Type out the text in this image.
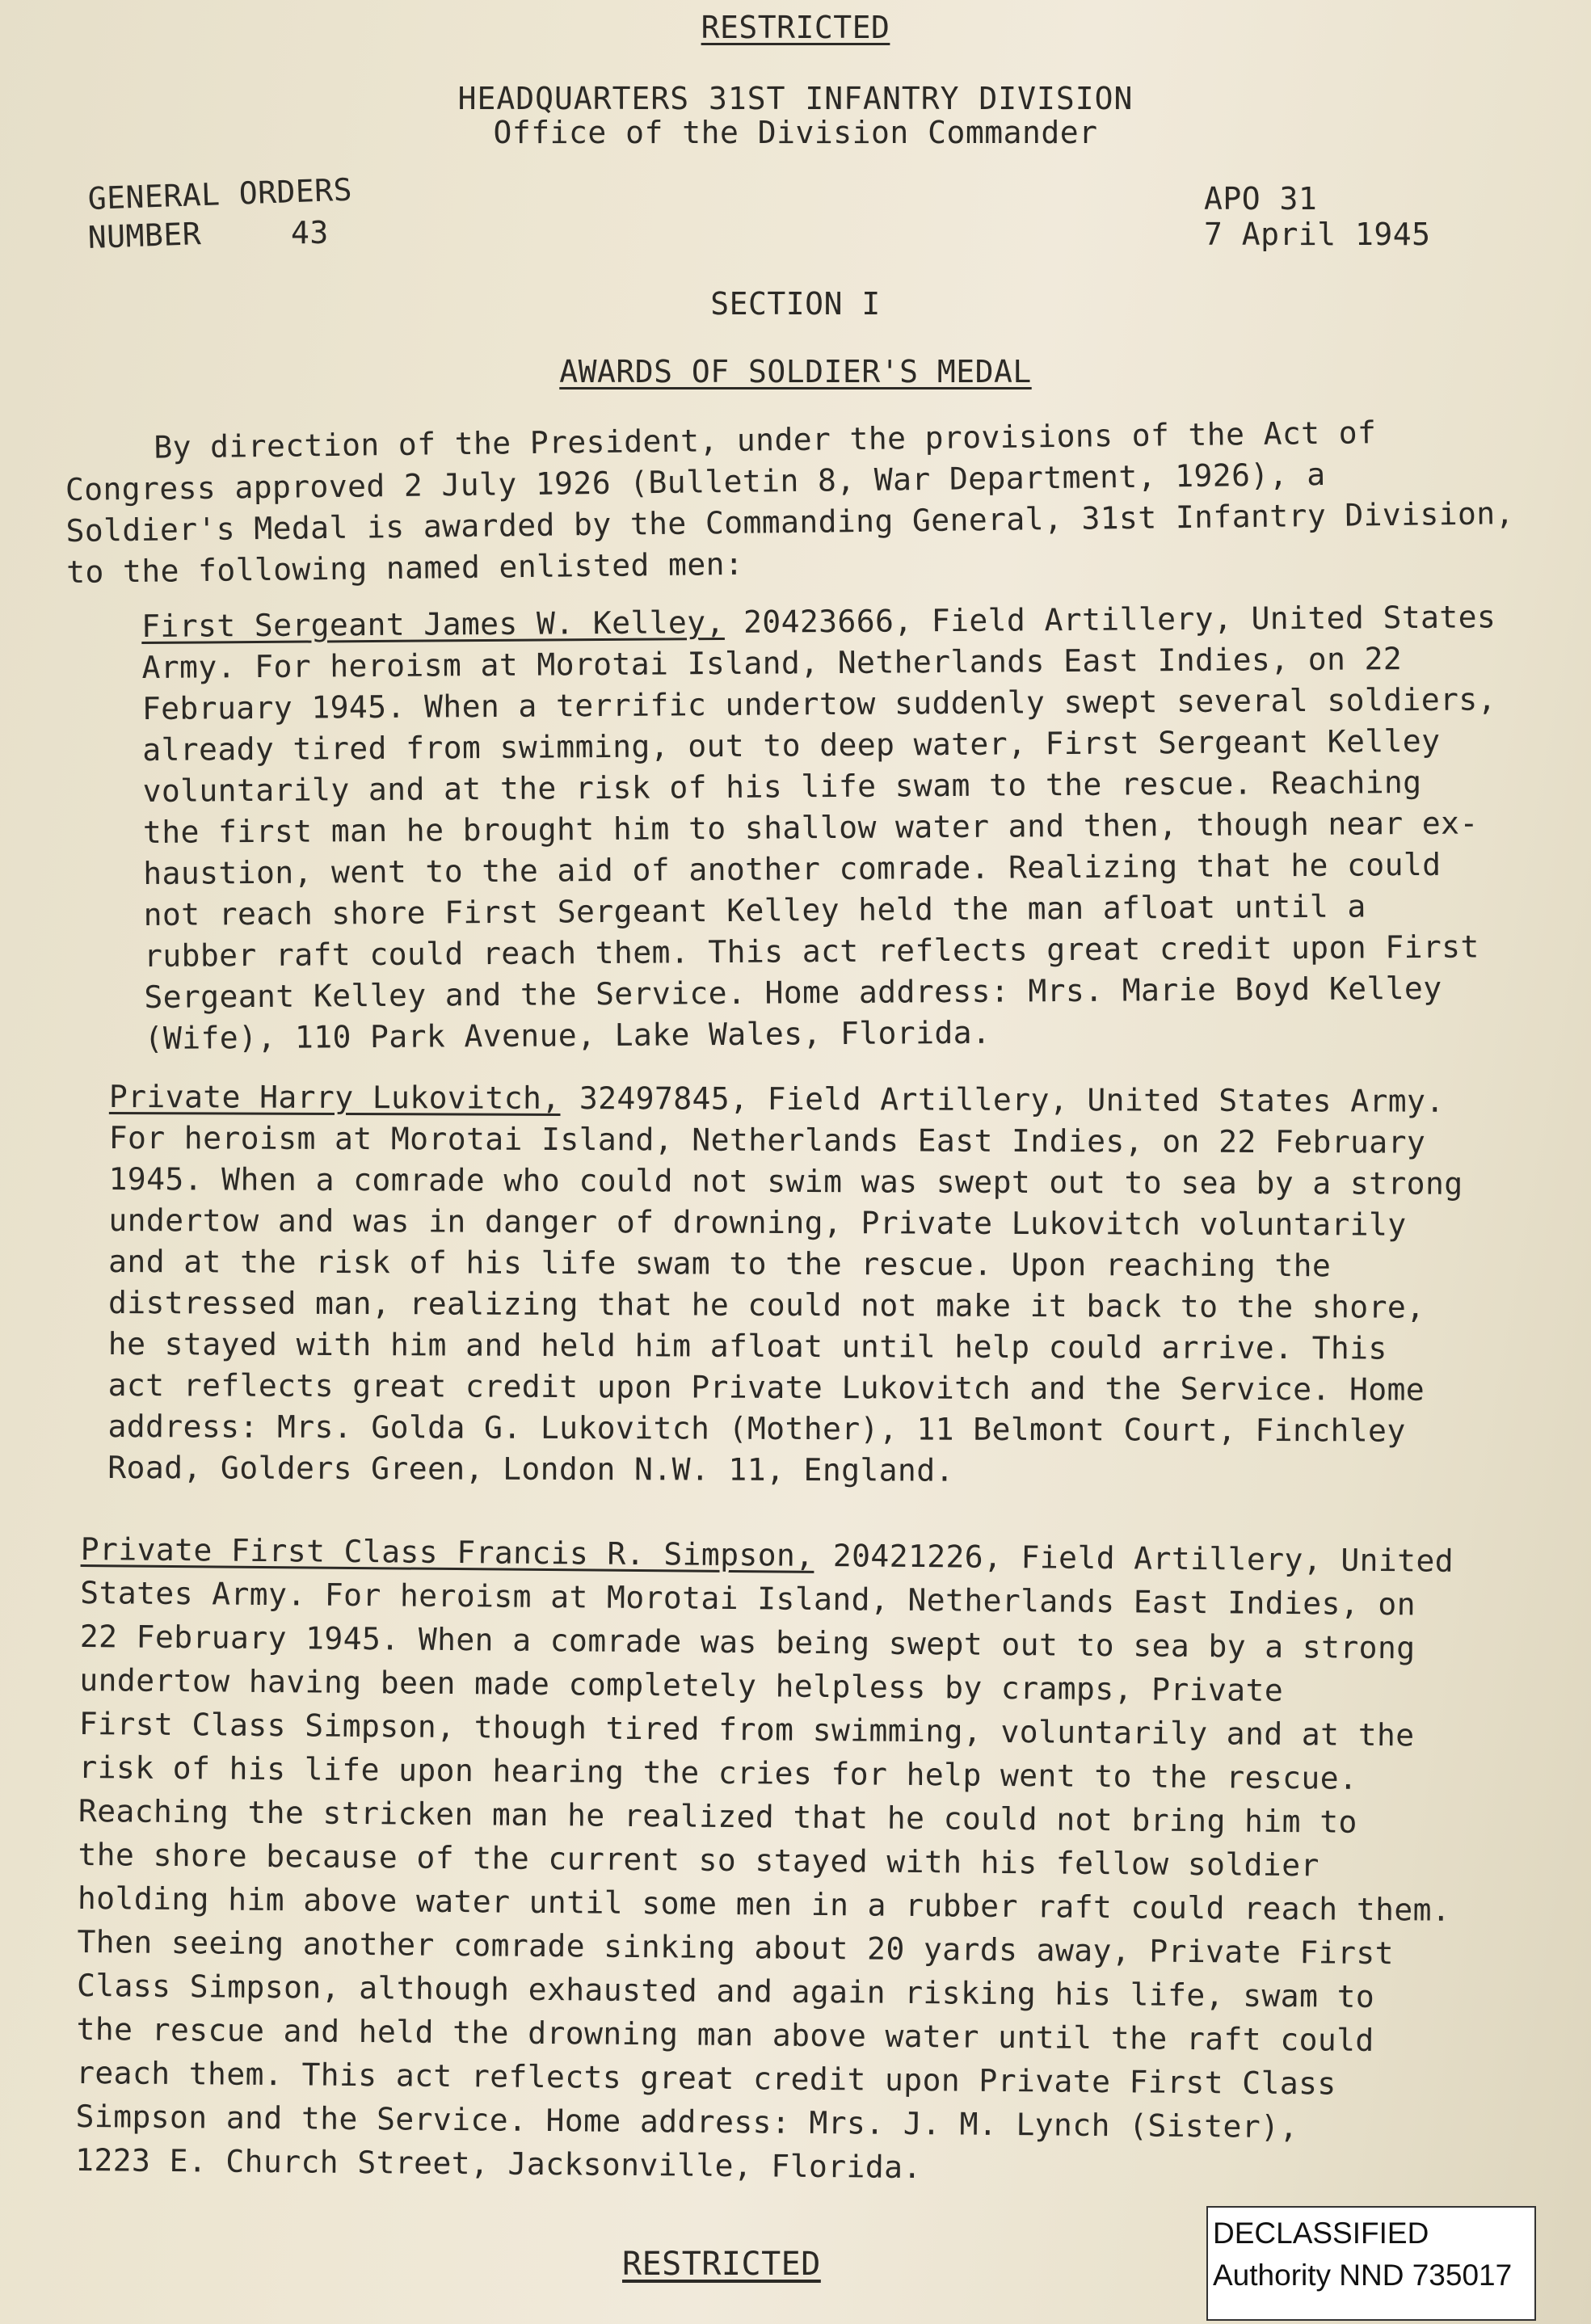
RESTRICTED
HEADQUARTERS 31ST INFANTRY DIVISION
Office of the Division Commander
GENERAL ORDERS
NUMBER	43
APO 31
7 April 1945
SECTION I
AWARDS OF SOLDIER'S MEDAL
By direction of the President, under the provisions of the Act of
Congress approved 2 July 1926 (Bulletin 8, War Department, 1926), a
Soldier's Medal is awarded by the Commanding General, 31st Infantry Division,
to the following named enlisted men:
First Sergeant James W. Kelley, 20423666, Field Artillery, United States
Army. For heroism at Morotai Island, Netherlands East Indies, on 22
February 1945. When a terrific undertow suddenly swept several soldiers,
already tired from swimming, out to deep water, First Sergeant Kelley
voluntarily and at the risk of his life swam to the rescue. Reaching
the first man he brought him to shallow water and then, though near ex-
haustion, went to the aid of another comrade. Realizing that he could
not reach shore First Sergeant Kelley held the man afloat until a
rubber raft could reach them. This act reflects great credit upon First
Sergeant Kelley and the Service. Home address: Mrs. Marie Boyd Kelley
(Wife), 110 Park Avenue, Lake Wales, Florida.
Private Harry Lukovitch, 32497845, Field Artillery, United States Army.
For heroism at Morotai Island, Netherlands East Indies, on 22 February
1945. When a comrade who could not swim was swept out to sea by a strong
undertow and was in danger of drowning, Private Lukovitch voluntarily
and at the risk of his life swam to the rescue. Upon reaching the
distressed man, realizing that he could not make it back to the shore,
he stayed with him and held him afloat until help could arrive. This
act reflects great credit upon Private Lukovitch and the Service. Home
address: Mrs. Golda G. Lukovitch (Mother), 11 Belmont Court, Finchley
Road, Golders Green, London N.W. 11, England.
Private First Class Francis R. Simpson, 20421226, Field Artillery, United
States Army. For heroism at Morotai Island, Netherlands East Indies, on
22 February 1945. When a comrade was being swept out to sea by a strong
undertow having been made completely helpless by cramps, Private
First Class Simpson, though tired from swimming, voluntarily and at the
risk of his life upon hearing the cries for help went to the rescue.
Reaching the stricken man he realized that he could not bring him to
the shore because of the current so stayed with his fellow soldier
holding him above water until some men in a rubber raft could reach them.
Then seeing another comrade sinking about 20 yards away, Private First
Class Simpson, although exhausted and again risking his life, swam to
the rescue and held the drowning man above water until the raft could
reach them. This act reflects great credit upon Private First Class
Simpson and the Service. Home address: Mrs. J. M. Lynch (Sister),
1223 E. Church Street, Jacksonville, Florida.
RESTRICTED
DECLASSIFIED
Authority NND 735017
